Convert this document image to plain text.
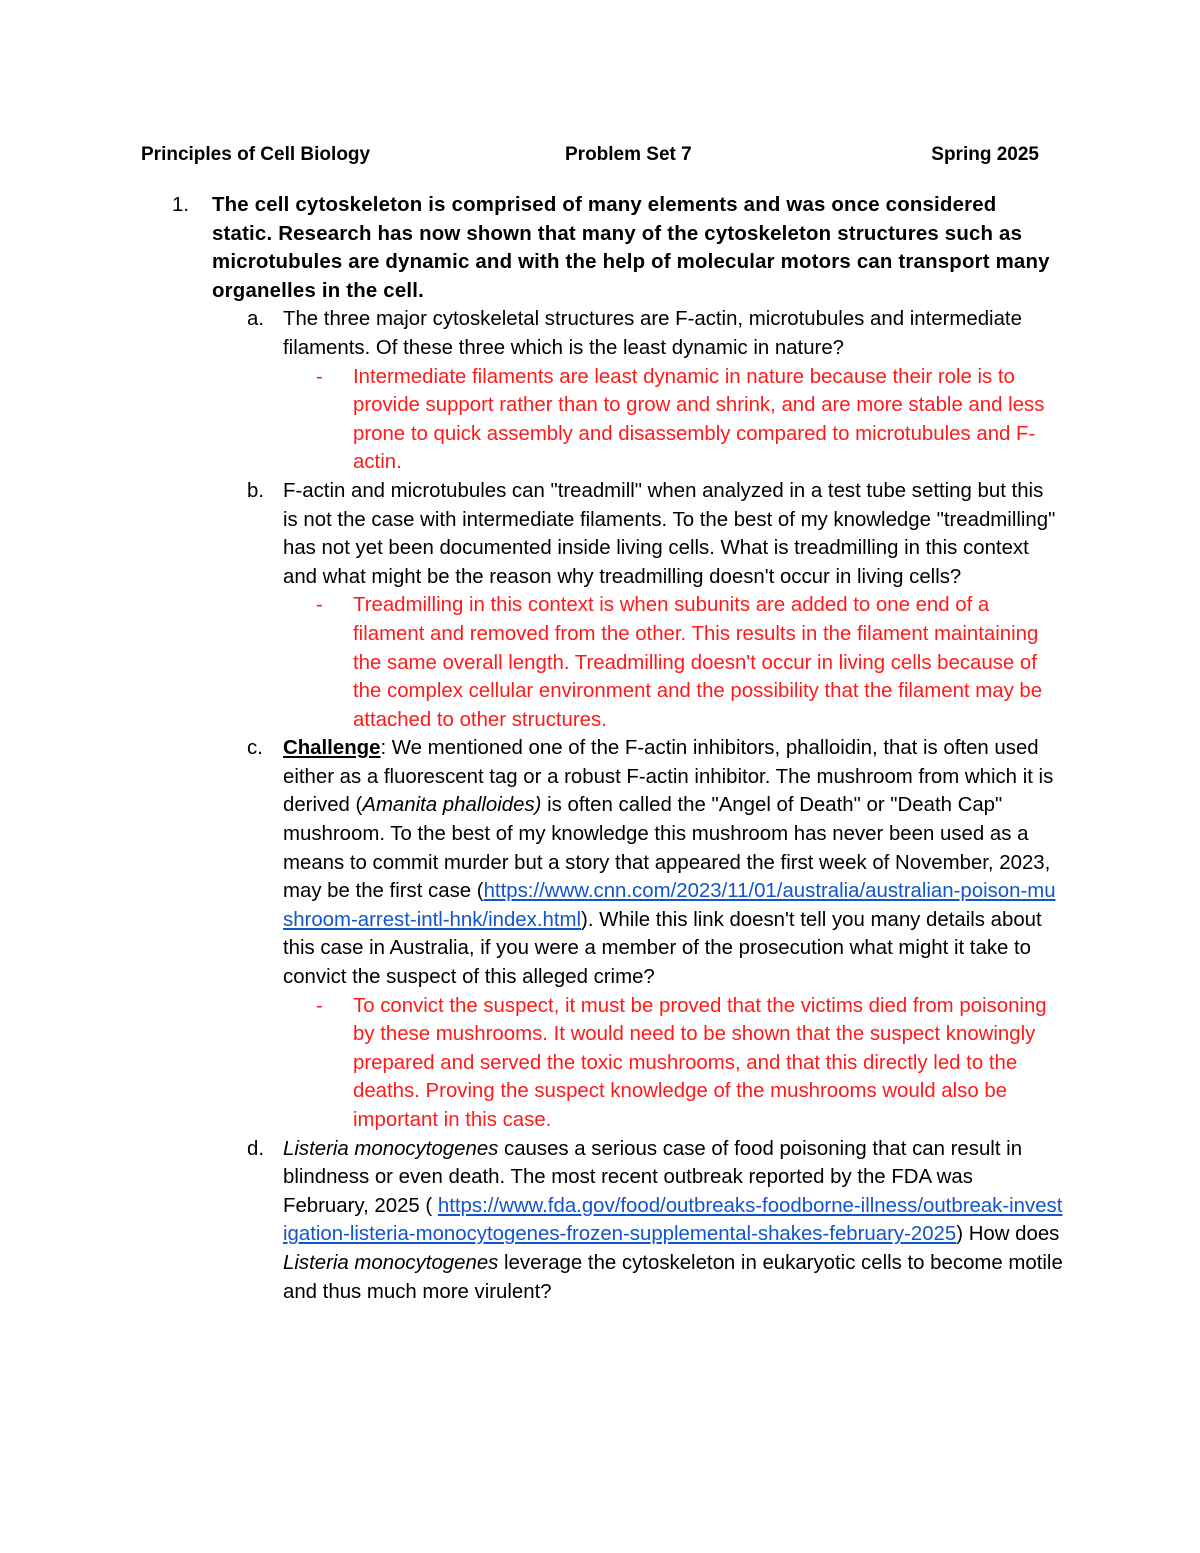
Principles of Cell Biology	Problem Set 7	Spring 2025
1. The cell cytoskeleton is comprised of many elements and was once considered static. Research has now shown that many of the cytoskeleton structures such as microtubules are dynamic and with the help of molecular motors can transport many organelles in the cell.
a. The three major cytoskeletal structures are F-actin, microtubules and intermediate filaments. Of these three which is the least dynamic in nature?
- Intermediate filaments are least dynamic in nature because their role is to provide support rather than to grow and shrink, and are more stable and less prone to quick assembly and disassembly compared to microtubules and F-actin.
b. F-actin and microtubules can "treadmill" when analyzed in a test tube setting but this is not the case with intermediate filaments. To the best of my knowledge "treadmilling" has not yet been documented inside living cells. What is treadmilling in this context and what might be the reason why treadmilling doesn't occur in living cells?
- Treadmilling in this context is when subunits are added to one end of a filament and removed from the other. This results in the filament maintaining the same overall length. Treadmilling doesn't occur in living cells because of the complex cellular environment and the possibility that the filament may be attached to other structures.
c. Challenge: We mentioned one of the F-actin inhibitors, phalloidin, that is often used either as a fluorescent tag or a robust F-actin inhibitor. The mushroom from which it is derived (Amanita phalloides) is often called the "Angel of Death" or "Death Cap" mushroom. To the best of my knowledge this mushroom has never been used as a means to commit murder but a story that appeared the first week of November, 2023, may be the first case (https://www.cnn.com/2023/11/01/australia/australian-poison-mushroom-arrest-intl-hnk/index.html). While this link doesn't tell you many details about this case in Australia, if you were a member of the prosecution what might it take to convict the suspect of this alleged crime?
- To convict the suspect, it must be proved that the victims died from poisoning by these mushrooms. It would need to be shown that the suspect knowingly prepared and served the toxic mushrooms, and that this directly led to the deaths. Proving the suspect knowledge of the mushrooms would also be important in this case.
d. Listeria monocytogenes causes a serious case of food poisoning that can result in blindness or even death. The most recent outbreak reported by the FDA was February, 2025 ( https://www.fda.gov/food/outbreaks-foodborne-illness/outbreak-investigation-listeria-monocytogenes-frozen-supplemental-shakes-february-2025) How does Listeria monocytogenes leverage the cytoskeleton in eukaryotic cells to become motile and thus much more virulent?
